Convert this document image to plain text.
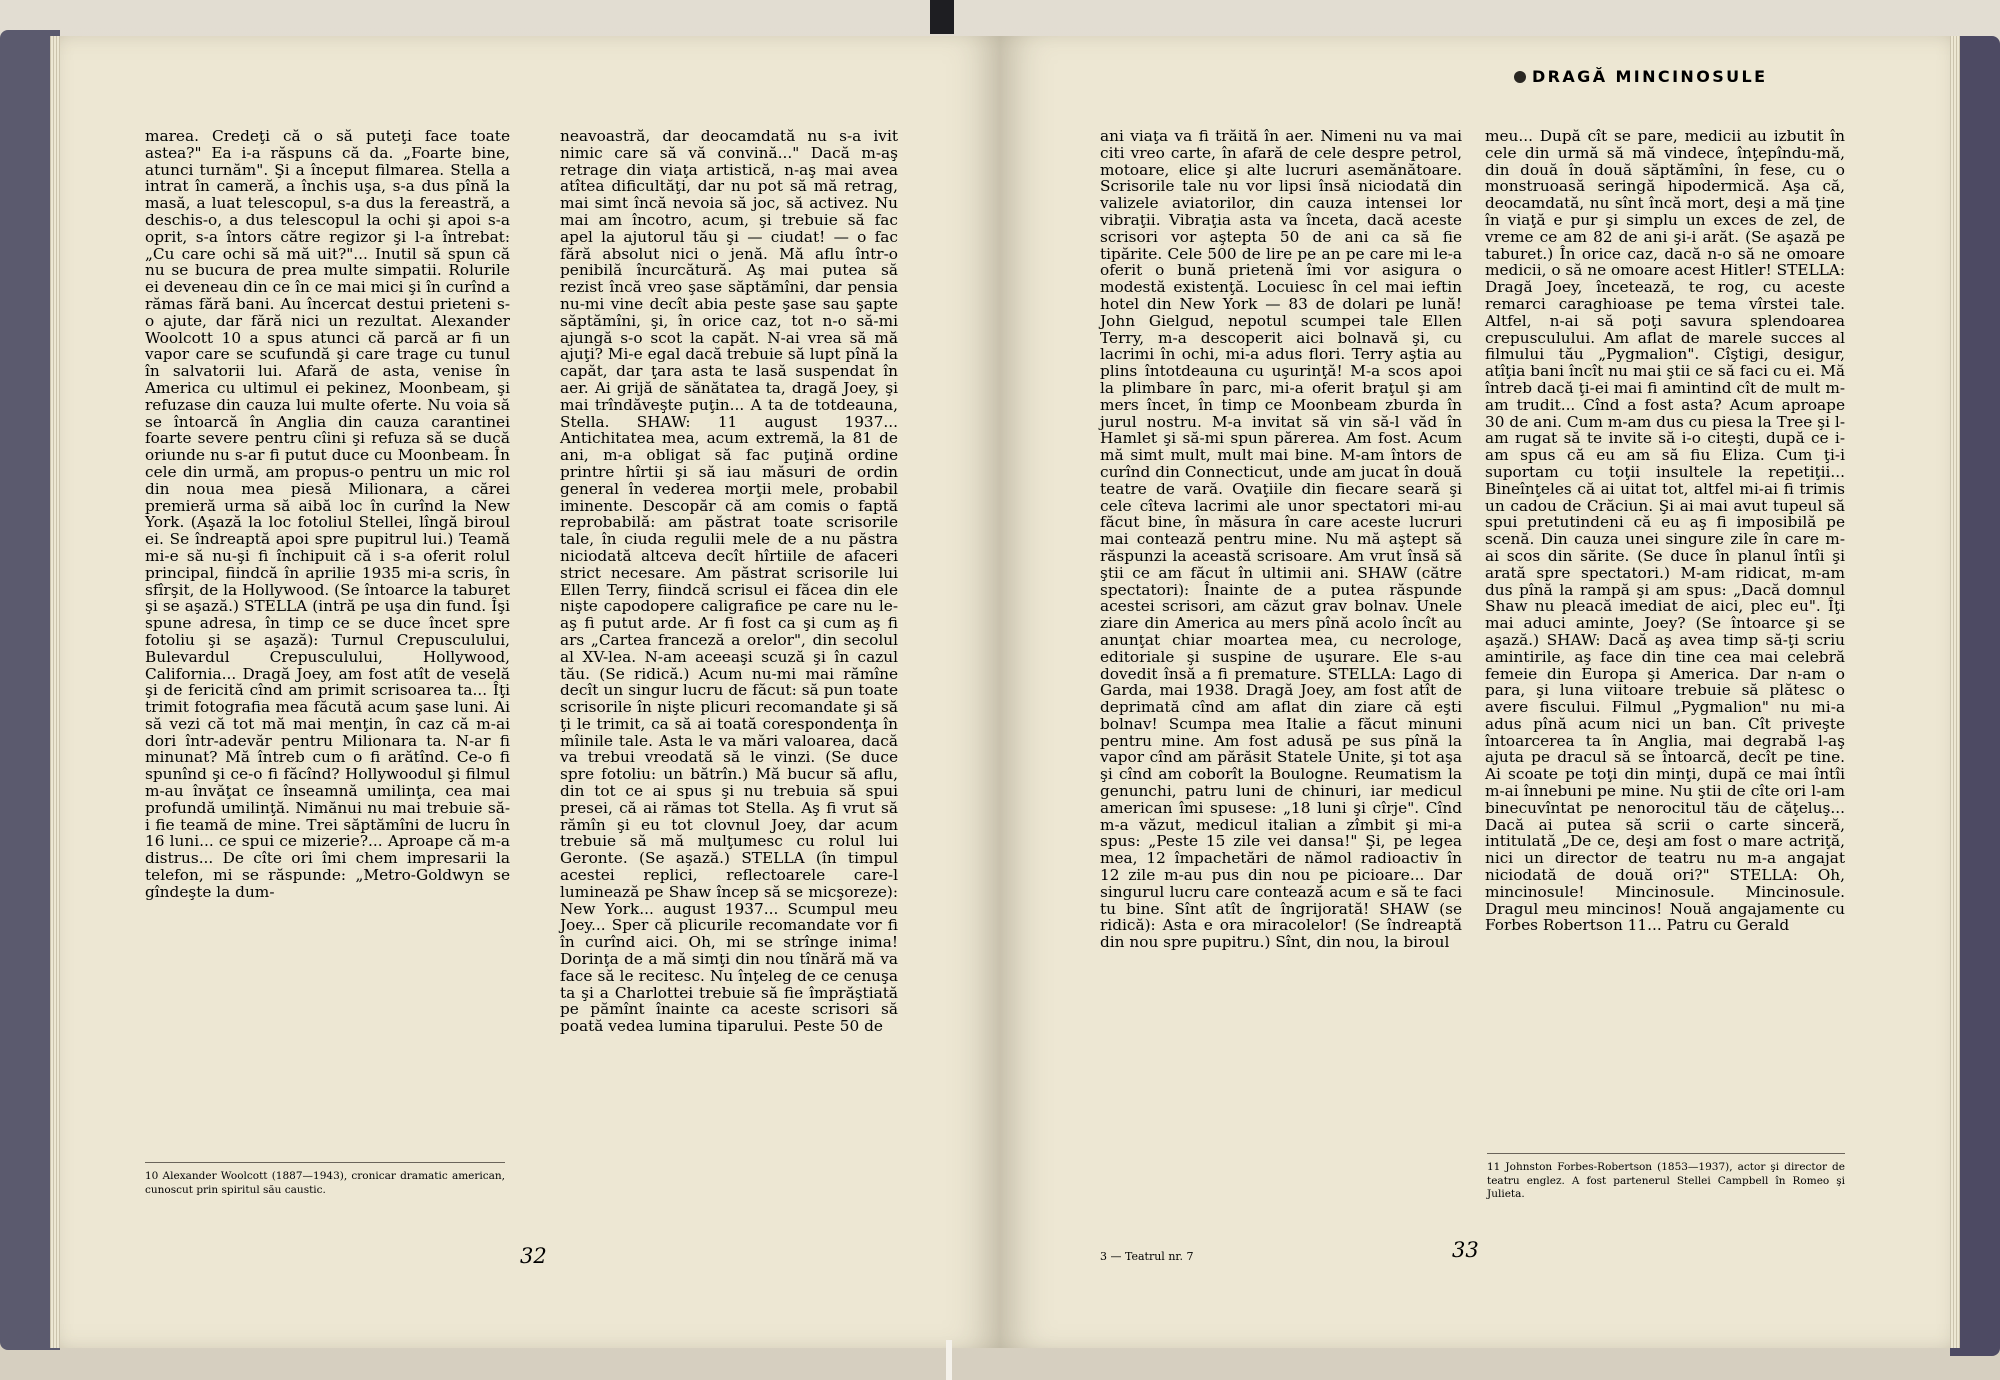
DRAGĂ MINCINOSULE

marea. Credeţi că o să puteţi face toate astea?" Ea i-a răspuns că da. „Foarte bine, atunci turnăm". Şi a început filmarea. Stella a intrat în cameră, a închis uşa, s-a dus pînă la masă, a luat telescopul, s-a dus la fereastră, a deschis-o, a dus telescopul la ochi şi apoi s-a oprit, s-a întors către regizor şi l-a întrebat: „Cu care ochi să mă uit?"... Inutil să spun că nu se bucura de prea multe simpatii. Rolurile ei deveneau din ce în ce mai mici şi în curînd a rămas fără bani. Au încercat destui prieteni s-o ajute, dar fără nici un rezultat. Alexander Woolcott 10 a spus atunci că parcă ar fi un vapor care se scufundă şi care trage cu tunul în salvatorii lui. Afară de asta, venise în America cu ultimul ei pekinez, Moonbeam, şi refuzase din cauza lui multe oferte. Nu voia să se întoarcă în Anglia din cauza carantinei foarte severe pentru cîini şi refuza să se ducă oriunde nu s-ar fi putut duce cu Moonbeam. În cele din urmă, am propus-o pentru un mic rol din noua mea piesă Milionara, a cărei premieră urma să aibă loc în curînd la New York. (Aşază la loc fotoliul Stellei, lîngă biroul ei. Se îndreaptă apoi spre pupitrul lui.) Teamă mi-e să nu-şi fi închipuit că i s-a oferit rolul principal, fiindcă în aprilie 1935 mi-a scris, în sfîrşit, de la Hollywood. (Se întoarce la taburet şi se aşază.) STELLA (intră pe uşa din fund. Îşi spune adresa, în timp ce se duce încet spre fotoliu şi se aşază): Turnul Crepusculului, Bulevardul Crepusculului, Hollywood, California... Dragă Joey, am fost atît de veselă şi de fericită cînd am primit scrisoarea ta... Îţi trimit fotografia mea făcută acum şase luni. Ai să vezi că tot mă mai menţin, în caz că m-ai dori într-adevăr pentru Milionara ta. N-ar fi minunat? Mă întreb cum o fi arătînd. Ce-o fi spunînd şi ce-o fi făcînd? Hollywoodul şi filmul m-au învăţat ce înseamnă umilinţa, cea mai profundă umilinţă. Nimănui nu mai trebuie să-i fie teamă de mine. Trei săptămîni de lucru în 16 luni... ce spui ce mizerie?... Aproape că m-a distrus... De cîte ori îmi chem impresarii la telefon, mi se răspunde: „Metro-Goldwyn se gîndeşte la dum-

neavoastră, dar deocamdată nu s-a ivit nimic care să vă convină..." Dacă m-aş retrage din viaţa artistică, n-aş mai avea atîtea dificultăţi, dar nu pot să mă retrag, mai simt încă nevoia să joc, să activez. Nu mai am încotro, acum, şi trebuie să fac apel la ajutorul tău şi — ciudat! — o fac fără absolut nici o jenă. Mă aflu într-o penibilă încurcătură. Aş mai putea să rezist încă vreo şase săptămîni, dar pensia nu-mi vine decît abia peste şase sau şapte săptămîni, şi, în orice caz, tot n-o să-mi ajungă s-o scot la capăt. N-ai vrea să mă ajuţi? Mi-e egal dacă trebuie să lupt pînă la capăt, dar ţara asta te lasă suspendat în aer. Ai grijă de sănătatea ta, dragă Joey, şi mai trîndăveşte puţin... A ta de totdeauna, Stella. SHAW: 11 august 1937... Antichitatea mea, acum extremă, la 81 de ani, m-a obligat să fac puţină ordine printre hîrtii şi să iau măsuri de ordin general în vederea morţii mele, probabil iminente. Descopăr că am comis o faptă reprobabilă: am păstrat toate scrisorile tale, în ciuda regulii mele de a nu păstra niciodată altceva decît hîrtiile de afaceri strict necesare. Am păstrat scrisorile lui Ellen Terry, fiindcă scrisul ei făcea din ele nişte capodopere caligrafice pe care nu le-aş fi putut arde. Ar fi fost ca şi cum aş fi ars „Cartea franceză a orelor", din secolul al XV-lea. N-am aceeaşi scuză şi în cazul tău. (Se ridică.) Acum nu-mi mai rămîne decît un singur lucru de făcut: să pun toate scrisorile în nişte plicuri recomandate şi să ţi le trimit, ca să ai toată corespondenţa în mîinile tale. Asta le va mări valoarea, dacă va trebui vreodată să le vinzi. (Se duce spre fotoliu: un bătrîn.) Mă bucur să aflu, din tot ce ai spus şi nu trebuia să spui presei, că ai rămas tot Stella. Aş fi vrut să rămîn şi eu tot clovnul Joey, dar acum trebuie să mă mulţumesc cu rolul lui Geronte. (Se aşază.) STELLA (în timpul acestei replici, reflectoarele care-l luminează pe Shaw încep să se micşoreze): New York... august 1937... Scumpul meu Joey... Sper că plicurile recomandate vor fi în curînd aici. Oh, mi se strînge inima! Dorinţa de a mă simţi din nou tînără mă va face să le recitesc. Nu înţeleg de ce cenuşa ta şi a Charlottei trebuie să fie împrăştiată pe pămînt înainte ca aceste scrisori să poată vedea lumina tiparului. Peste 50 de

ani viaţa va fi trăită în aer. Nimeni nu va mai citi vreo carte, în afară de cele despre petrol, motoare, elice şi alte lucruri asemănătoare. Scrisorile tale nu vor lipsi însă niciodată din valizele aviatorilor, din cauza intensei lor vibraţii. Vibraţia asta va înceta, dacă aceste scrisori vor aştepta 50 de ani ca să fie tipărite. Cele 500 de lire pe an pe care mi le-a oferit o bună prietenă îmi vor asigura o modestă existenţă. Locuiesc în cel mai ieftin hotel din New York — 83 de dolari pe lună! John Gielgud, nepotul scumpei tale Ellen Terry, m-a descoperit aici bolnavă şi, cu lacrimi în ochi, mi-a adus flori. Terry aştia au plins întotdeauna cu uşurinţă! M-a scos apoi la plimbare în parc, mi-a oferit braţul şi am mers încet, în timp ce Moonbeam zburda în jurul nostru. M-a invitat să vin să-l văd în Hamlet şi să-mi spun părerea. Am fost. Acum mă simt mult, mult mai bine. M-am întors de curînd din Connecticut, unde am jucat în două teatre de vară. Ovaţiile din fiecare seară şi cele cîteva lacrimi ale unor spectatori mi-au făcut bine, în măsura în care aceste lucruri mai contează pentru mine. Nu mă aştept să răspunzi la această scrisoare. Am vrut însă să ştii ce am făcut în ultimii ani. SHAW (către spectatori): Înainte de a putea răspunde acestei scrisori, am căzut grav bolnav. Unele ziare din America au mers pînă acolo încît au anunţat chiar moartea mea, cu necrologe, editoriale şi suspine de uşurare. Ele s-au dovedit însă a fi premature. STELLA: Lago di Garda, mai 1938. Dragă Joey, am fost atît de deprimată cînd am aflat din ziare că eşti bolnav! Scumpa mea Italie a făcut minuni pentru mine. Am fost adusă pe sus pînă la vapor cînd am părăsit Statele Unite, şi tot aşa şi cînd am coborît la Boulogne. Reumatism la genunchi, patru luni de chinuri, iar medicul american îmi spusese: „18 luni şi cîrje". Cînd m-a văzut, medicul italian a zîmbit şi mi-a spus: „Peste 15 zile vei dansa!" Şi, pe legea mea, 12 împachetări de nămol radioactiv în 12 zile m-au pus din nou pe picioare... Dar singurul lucru care contează acum e să te faci tu bine. Sînt atît de îngrijorată! SHAW (se ridică): Asta e ora miracolelor! (Se îndreaptă din nou spre pupitru.) Sînt, din nou, la biroul

meu... După cît se pare, medicii au izbutit în cele din urmă să mă vindece, înţepîndu-mă, din două în două săptămîni, în fese, cu o monstruoasă seringă hipodermică. Aşa că, deocamdată, nu sînt încă mort, deşi a mă ţine în viaţă e pur şi simplu un exces de zel, de vreme ce am 82 de ani şi-i arăt. (Se aşază pe taburet.) În orice caz, dacă n-o să ne omoare medicii, o să ne omoare acest Hitler! STELLA: Dragă Joey, încetează, te rog, cu aceste remarci caraghioase pe tema vîrstei tale. Altfel, n-ai să poţi savura splendoarea crepusculului. Am aflat de marele succes al filmului tău „Pygmalion". Cîştigi, desigur, atîţia bani încît nu mai ştii ce să faci cu ei. Mă întreb dacă ţi-ei mai fi amintind cît de mult m-am trudit... Cînd a fost asta? Acum aproape 30 de ani. Cum m-am dus cu piesa la Tree şi l-am rugat să te invite să i-o citeşti, după ce i-am spus că eu am să fiu Eliza. Cum ţi-i suportam cu toţii insultele la repetiţii... Bineînţeles că ai uitat tot, altfel mi-ai fi trimis un cadou de Crăciun. Şi ai mai avut tupeul să spui pretutindeni că eu aş fi imposibilă pe scenă. Din cauza unei singure zile în care m-ai scos din sărite. (Se duce în planul întîi şi arată spre spectatori.) M-am ridicat, m-am dus pînă la rampă şi am spus: „Dacă domnul Shaw nu pleacă imediat de aici, plec eu". Îţi mai aduci aminte, Joey? (Se întoarce şi se aşază.) SHAW: Dacă aş avea timp să-ţi scriu amintirile, aş face din tine cea mai celebră femeie din Europa şi America. Dar n-am o para, şi luna viitoare trebuie să plătesc o avere fiscului. Filmul „Pygmalion" nu mi-a adus pînă acum nici un ban. Cît priveşte întoarcerea ta în Anglia, mai degrabă l-aş ajuta pe dracul să se întoarcă, decît pe tine. Ai scoate pe toţi din minţi, după ce mai întîi m-ai înnebuni pe mine. Nu ştii de cîte ori l-am binecuvîntat pe nenorocitul tău de căţeluş... Dacă ai putea să scrii o carte sinceră, intitulată „De ce, deşi am fost o mare actriţă, nici un director de teatru nu m-a angajat niciodată de două ori?" STELLA: Oh, mincinosule! Mincinosule. Mincinosule. Dragul meu mincinos! Nouă angajamente cu Forbes Robertson 11... Patru cu Gerald

10 Alexander Woolcott (1887—1943), cronicar dramatic american, cunoscut prin spiritul său caustic.
11 Johnston Forbes-Robertson (1853—1937), actor şi director de teatru englez. A fost partenerul Stellei Campbell în Romeo şi Julieta.
32	33
3 — Teatrul nr. 7
